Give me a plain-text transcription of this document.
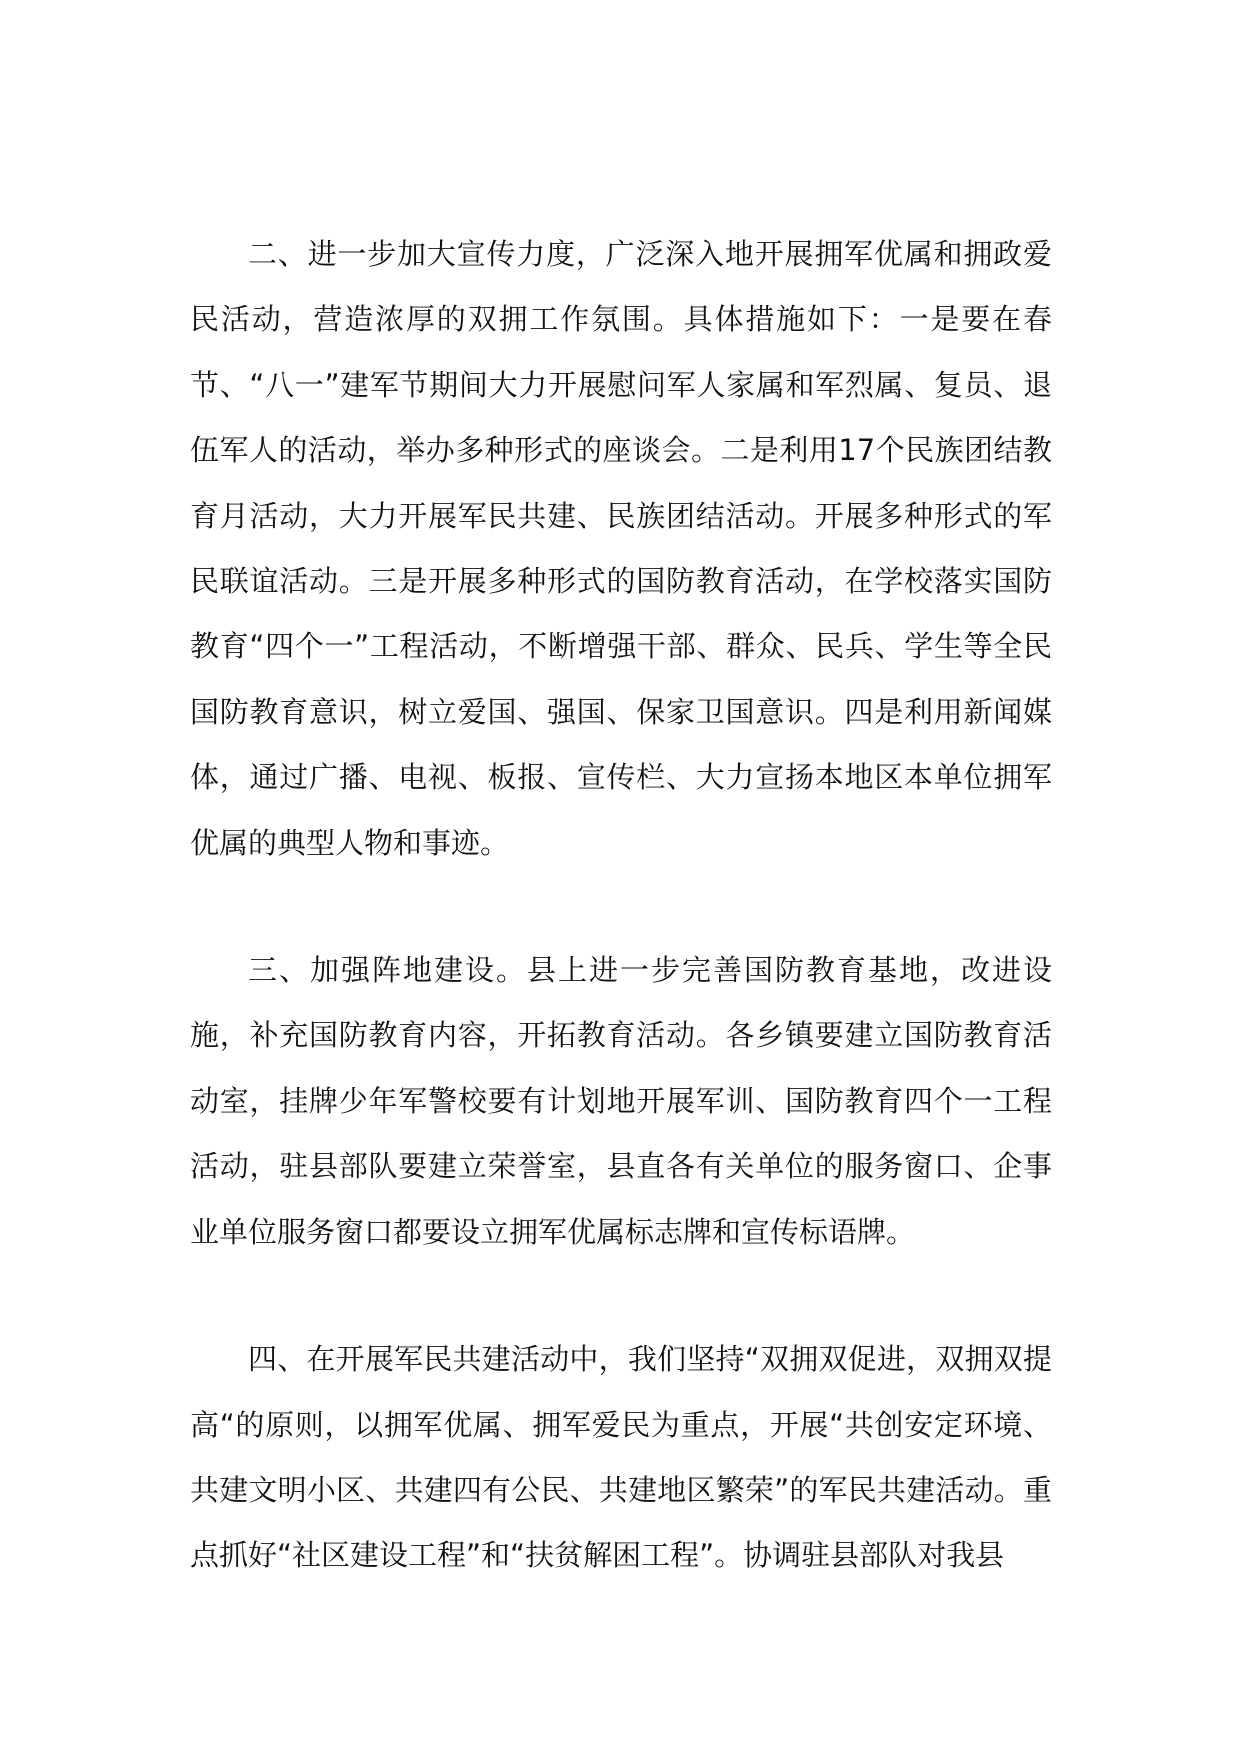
二、进一步加大宣传力度，广泛深入地开展拥军优属和拥政爱民活动，营造浓厚的双拥工作氛围。具体措施如下：一是要在春节、“八一”建军节期间大力开展慰问军人家属和军烈属、复员、退伍军人的活动，举办多种形式的座谈会。二是利用17个民族团结教育月活动，大力开展军民共建、民族团结活动。开展多种形式的军民联谊活动。三是开展多种形式的国防教育活动，在学校落实国防教育“四个一”工程活动，不断增强干部、群众、民兵、学生等全民国防教育意识，树立爱国、强国、保家卫国意识。四是利用新闻媒体，通过广播、电视、板报、宣传栏、大力宣扬本地区本单位拥军优属的典型人物和事迹。

三、加强阵地建设。县上进一步完善国防教育基地，改进设施，补充国防教育内容，开拓教育活动。各乡镇要建立国防教育活动室，挂牌少年军警校要有计划地开展军训、国防教育四个一工程活动，驻县部队要建立荣誉室，县直各有关单位的服务窗口、企事业单位服务窗口都要设立拥军优属标志牌和宣传标语牌。

四、在开展军民共建活动中，我们坚持“双拥双促进，双拥双提高“的原则，以拥军优属、拥军爱民为重点，开展“共创安定环境、共建文明小区、共建四有公民、共建地区繁荣”的军民共建活动。重点抓好“社区建设工程”和“扶贫解困工程”。协调驻县部队对我县
